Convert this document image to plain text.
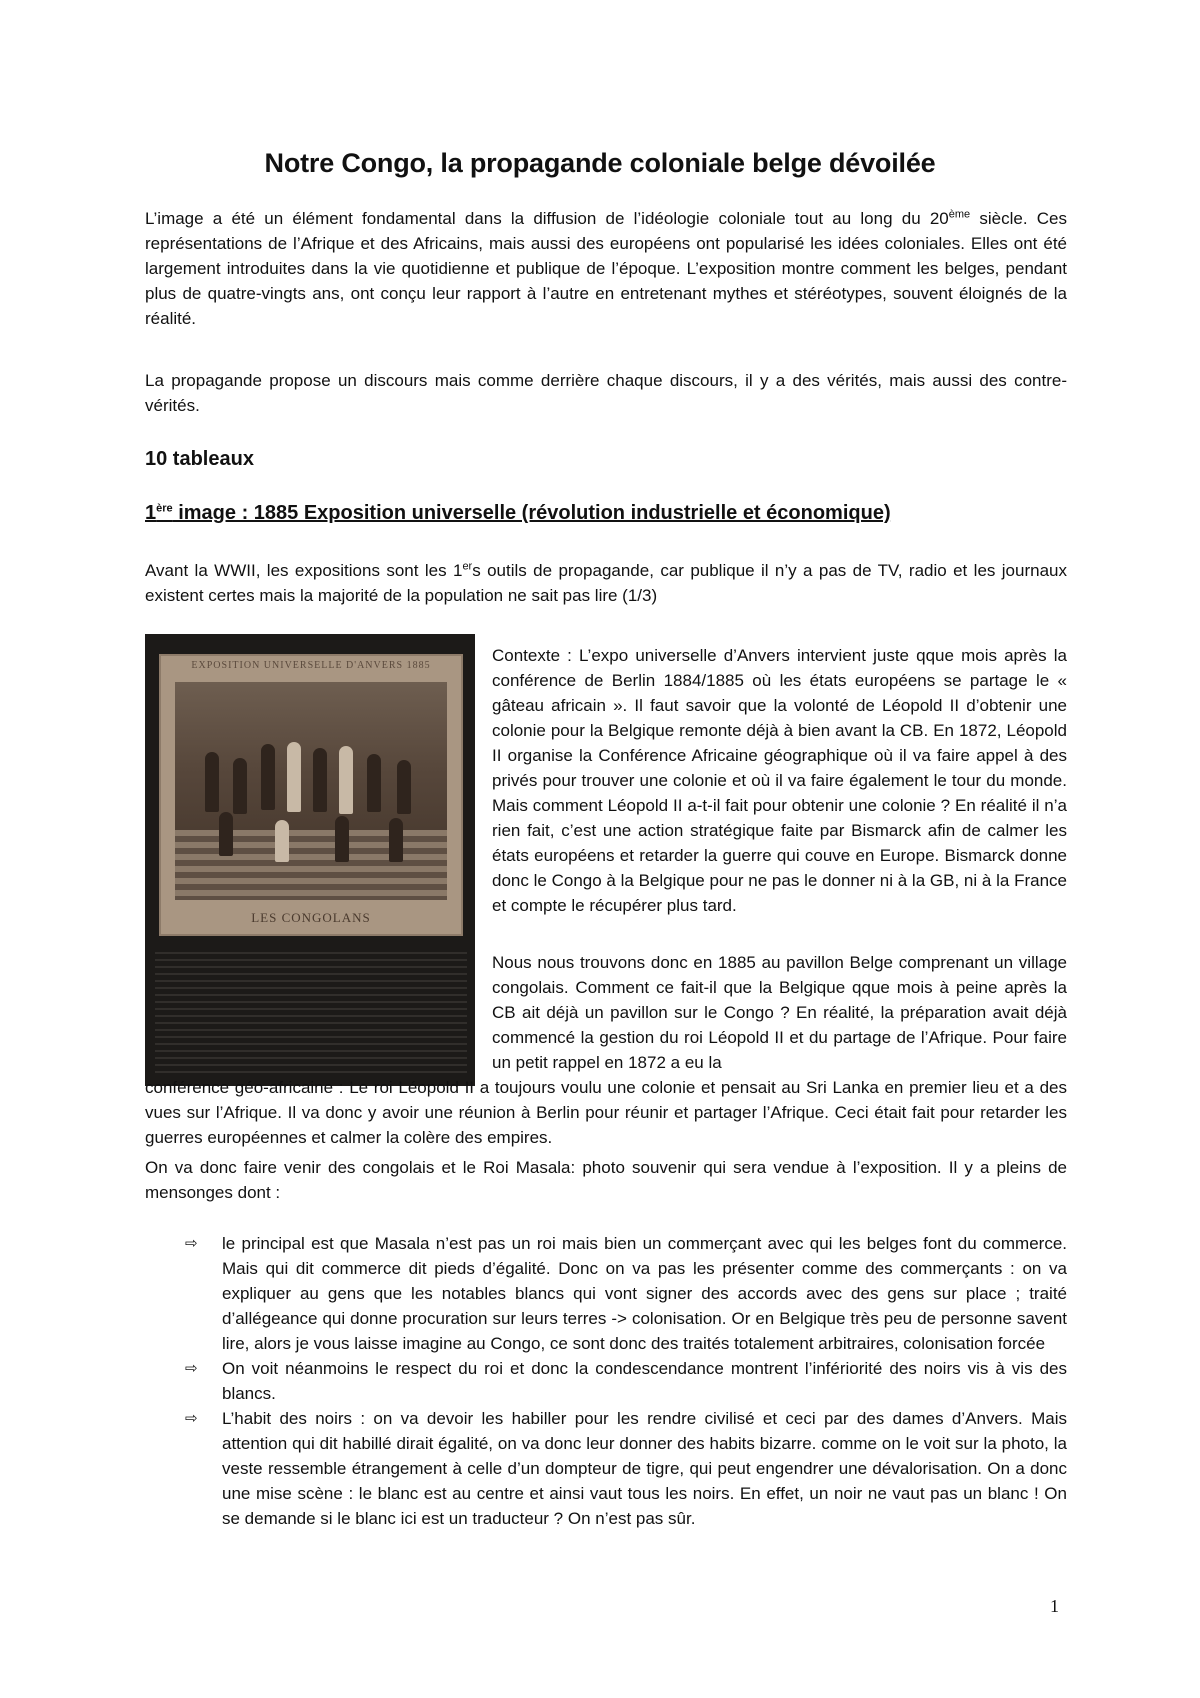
Notre Congo, la propagande coloniale belge dévoilée

L’image a été un élément fondamental dans la diffusion de l’idéologie coloniale tout au long du 20ème siècle. Ces représentations de l’Afrique et des Africains, mais aussi des européens ont popularisé les idées coloniales. Elles ont été largement introduites dans la vie quotidienne et publique de l’époque. L’exposition montre comment les belges, pendant plus de quatre-vingts ans, ont conçu leur rapport à l’autre en entretenant mythes et stéréotypes, souvent éloignés de la réalité.

La propagande propose un discours mais comme derrière chaque discours, il y a des vérités, mais aussi des contre-vérités.

10 tableaux
1ère image : 1885 Exposition universelle (révolution industrielle et économique)

Avant la WWII, les expositions sont les 1ers outils de propagande, car publique il n’y a pas de TV, radio et les journaux existent certes mais la majorité de la population ne sait pas lire (1/3)

EXPOSITION UNIVERSELLE D'ANVERS 1885
LES CONGOLANS

Contexte : L’expo universelle d’Anvers intervient juste qque mois après la conférence de Berlin 1884/1885 où les états européens se partage le « gâteau africain ». Il faut savoir que la volonté de Léopold II d’obtenir une colonie pour la Belgique remonte déjà à bien avant la CB. En 1872, Léopold II organise la Conférence Africaine géographique où il va faire appel à des privés pour trouver une colonie et où il va faire également le tour du monde. Mais comment Léopold II a-t-il fait pour obtenir une colonie ? En réalité il n’a rien fait, c’est une action stratégique faite par Bismarck afin de calmer les états européens et retarder la guerre qui couve en Europe. Bismarck donne donc le Congo à la Belgique pour ne pas le donner ni à la GB, ni à la France et compte le récupérer plus tard.

Nous nous trouvons donc en 1885 au pavillon Belge comprenant un village congolais. Comment ce fait-il que la Belgique qque mois à peine après la CB ait déjà un pavillon sur le Congo ? En réalité, la préparation avait déjà commencé la gestion du roi Léopold II et du partage de l’Afrique. Pour faire un petit rappel en 1872 a eu la

conférence géo-africaine : Le roi Léopold II a toujours voulu une colonie et pensait au Sri Lanka en premier lieu et a des vues sur l’Afrique. Il va donc y avoir une réunion à Berlin pour réunir et partager l’Afrique. Ceci était fait pour retarder les guerres européennes et calmer la colère des empires.

On va donc faire venir des congolais et le Roi Masala: photo souvenir qui sera vendue à l’exposition. Il y a pleins de mensonges dont :

⇨ le principal est que Masala n’est pas un roi mais bien un commerçant avec qui les belges font du commerce. Mais qui dit commerce dit pieds d’égalité. Donc on va pas les présenter comme des commerçants : on va expliquer au gens que les notables blancs qui vont signer des accords avec des gens sur place ; traité d’allégeance qui donne procuration sur leurs terres -> colonisation. Or en Belgique très peu de personne savent lire, alors je vous laisse imagine au Congo, ce sont donc des traités totalement arbitraires, colonisation forcée
⇨ On voit néanmoins le respect du roi et donc la condescendance montrent l’infériorité des noirs vis à vis des blancs.
⇨ L’habit des noirs : on va devoir les habiller pour les rendre civilisé et ceci par des dames d’Anvers. Mais attention qui dit habillé dirait égalité, on va donc leur donner des habits bizarre. comme on le voit sur la photo, la veste ressemble étrangement à celle d’un dompteur de tigre, qui peut engendrer une dévalorisation. On a donc une mise scène : le blanc est au centre et ainsi vaut tous les noirs. En effet, un noir ne vaut pas un blanc ! On se demande si le blanc ici est un traducteur ? On n’est pas sûr.
1
